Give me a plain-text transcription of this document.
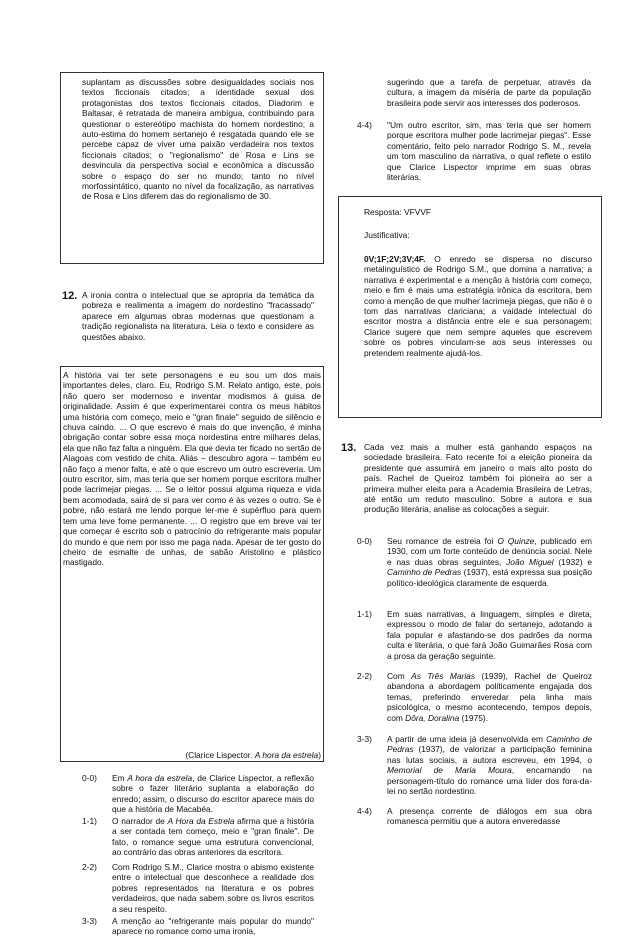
suplantam as discussões sobre desigualdades sociais nos textos ficcionais citados; a identidade sexual dos protagonistas dos textos ficcionais citados, Diadorim e Baltasar, é retratada de maneira ambígua, contribuindo para questionar o estereótipo machista do homem nordestino; a auto-estima do homem sertanejo é resgatada quando ele se percebe capaz de viver uma paixão verdadeira nos textos ficcionais citados; o "regionalismo" de Rosa e Lins se desvincula da perspectiva social e econômica a discussão sobre o espaço do ser no mundo; tanto no nível morfossintático, quanto no nível da focalização, as narrativas de Rosa e Lins diferem das do regionalismo de 30.
12. A ironia contra o intelectual que se apropria da temática da pobreza e realimenta a imagem do nordestino "fracassado" aparece em algumas obras modernas que questionam a tradição regionalista na literatura. Leia o texto e considere as questões abaixo.
A história vai ter sete personagens e eu sou um dos mais importantes deles, claro. Eu, Rodrigo S.M. Relato antigo, este, pois não quero ser modernoso e inventar modismos à guisa de originalidade. Assim é que experimentarei contra os meus hábitos uma história com começo, meio e "gran finale" seguido de silêncio e chuva caindo. ... O que escrevo é mais do que invenção, é minha obrigação contar sobre essa moça nordestina entre milhares delas, ela que não faz falta a ninguém. Ela que devia ter ficado no sertão de Alagoas com vestido de chita. Aliás – descubro agora – também eu não faço a menor falta, e até o que escrevo um outro escreveria. Um outro escritor, sim, mas teria que ser homem porque escritora mulher pode lacrimejar piegas. ... Se o leitor possui alguma riqueza e vida bem acomodada, sairá de si para ver como é às vezes o outro. Se é pobre, não estará me lendo porque ler-me é supérfluo para quem tem uma leve fome permanente. ... O registro que em breve vai ter que começar é escrito sob o patrocínio do refrigerante mais popular do mundo e que nem por isso me paga nada. Apesar de ter gosto do cheiro de esmalte de unhas, de sabão Aristolino e plástico mastigado.
(Clarice Lispector. A hora da estrela)
0-0)	Em A hora da estrela, de Clarice Lispector, a reflexão sobre o fazer literário suplanta a elaboração do enredo; assim, o discurso do escritor aparece mais do que a história de Macabéa.
1-1)	O narrador de A Hora da Estrela afirma que a história a ser contada tem começo, meio e "gran finale". De fato, o romance segue uma estrutura convencional, ao contrário das obras anteriores da escritora.
2-2)	Com Rodrigo S.M., Clarice mostra o abismo existente entre o intelectual que desconhece a realidade dos pobres representados na literatura e os pobres verdadeiros, que nada sabem sobre os livros escritos a seu respeito.
3-3)	A menção ao "refrigerante mais popular do mundo" aparece no romance como uma ironia,
sugerindo que a tarefa de perpetuar, através da cultura, a imagem da miséria de parte da população brasileira pode servir aos interesses dos poderosos.
4-4)	"Um outro escritor, sim, mas teria que ser homem porque escritora mulher pode lacrimejar piegas". Esse comentário, feito pelo narrador Rodrigo S. M., revela um tom masculino da narrativa, o qual reflete o estilo que Clarice Lispector imprime em suas obras literárias.
Resposta: VFVVF
Justificativa:
0V;1F;2V;3V;4F. O enredo se dispersa no discurso metalinguístico de Rodrigo S.M., que domina a narrativa; a narrativa é experimental e a menção à história com começo, meio e fim é mais uma estratégia irônica da escritora, bem como a menção de que mulher lacrimeja piegas, que não é o tom das narrativas clariciana; a vaidade intelectual do escritor mostra a distância entre ele e sua personagem; Clarice sugere que nem sempre aqueles que escrevem sobre os pobres vinculam-se aos seus interesses ou pretendem realmente ajudá-los.
13. Cada vez mais a mulher está ganhando espaços na sociedade brasileira. Fato recente foi a eleição pioneira da presidente que assumirá em janeiro o mais alto posto do país. Rachel de Queiroz também foi pioneira ao ser a primeira mulher eleita para a Academia Brasileira de Letras, até então um reduto masculino. Sobre a autora e sua produção literária, analise as colocações a seguir.
0-0)	Seu romance de estreia foi O Quinze, publicado em 1930, com um forte conteúdo de denúncia social. Nele e nas duas obras seguintes, João Miguel (1932) e Caminho de Pedras (1937), está expressa sua posição político-ideológica claramente de esquerda.
1-1)	Em suas narrativas, a linguagem, simples e direta, expressou o modo de falar do sertanejo, adotando a fala popular e afastando-se dos padrões da norma culta e literária, o que fará João Guimarães Rosa com a prosa da geração seguinte.
2-2)	Com As Três Marias (1939), Rachel de Queiroz abandona a abordagem politicamente engajada dos temas, preferindo enveredar pela linha mais psicológica, o mesmo acontecendo, tempos depois, com Dôra, Doralina (1975).
3-3)	A partir de uma ideia já desenvolvida em Caminho de Pedras (1937), de valorizar a participação feminina nas lutas sociais, a autora escreveu, em 1994, o Memorial de Maria Moura, encarnando na personagem-título do romance uma líder dos fora-da-lei no sertão nordestino.
4-4)	A presença corrente de diálogos em sua obra romanesca permitiu que a autora enveredasse
